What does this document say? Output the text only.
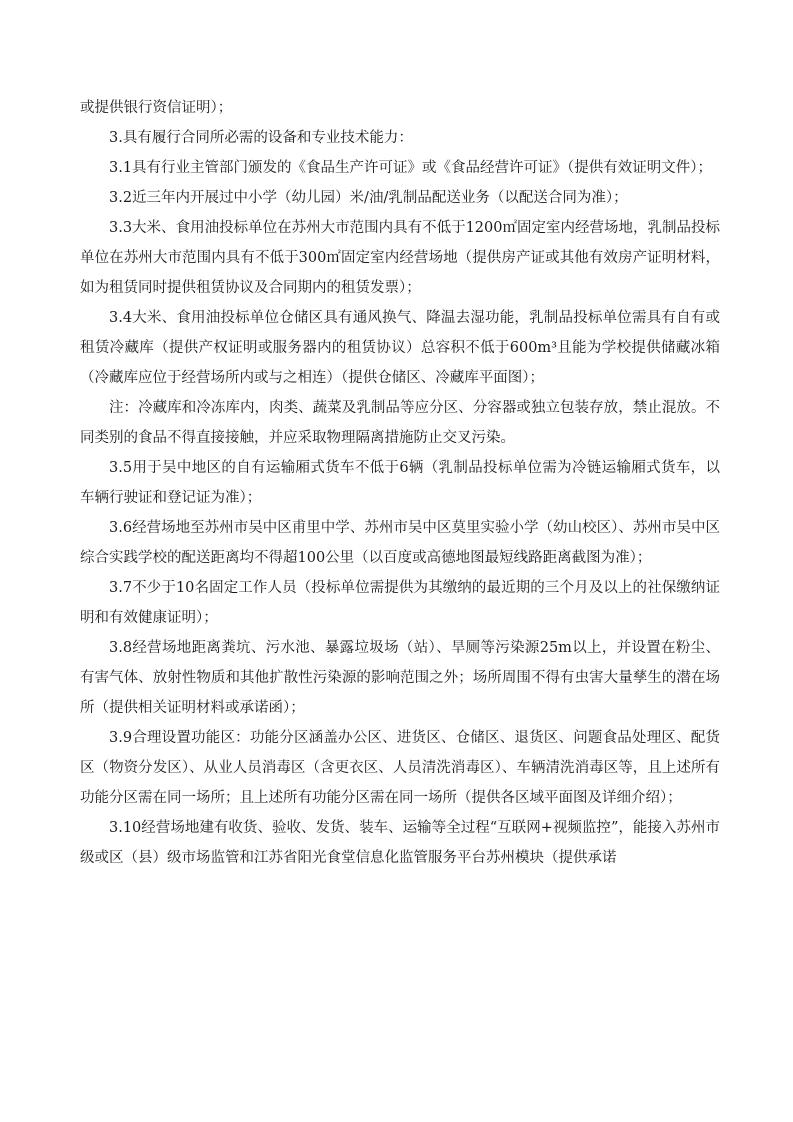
或提供银行资信证明）；

3.具有履行合同所必需的设备和专业技术能力：

3.1具有行业主管部门颁发的《食品生产许可证》或《食品经营许可证》（提供有效证明文件）；

3.2近三年内开展过中小学（幼儿园）米/油/乳制品配送业务（以配送合同为准）；

3.3大米、食用油投标单位在苏州大市范围内具有不低于1200㎡固定室内经营场地，乳制品投标单位在苏州大市范围内具有不低于300㎡固定室内经营场地（提供房产证或其他有效房产证明材料，如为租赁同时提供租赁协议及合同期内的租赁发票）；

3.4大米、食用油投标单位仓储区具有通风换气、降温去湿功能，乳制品投标单位需具有自有或租赁冷藏库（提供产权证明或服务器内的租赁协议）总容积不低于600m³且能为学校提供储藏冰箱（冷藏库应位于经营场所内或与之相连）（提供仓储区、冷藏库平面图）；

注：冷藏库和冷冻库内，肉类、蔬菜及乳制品等应分区、分容器或独立包装存放，禁止混放。不同类别的食品不得直接接触，并应采取物理隔离措施防止交叉污染。

3.5用于吴中地区的自有运输厢式货车不低于6辆（乳制品投标单位需为冷链运输厢式货车，以车辆行驶证和登记证为准）；

3.6经营场地至苏州市吴中区甫里中学、苏州市吴中区莫里实验小学（幼山校区）、苏州市吴中区综合实践学校的配送距离均不得超100公里（以百度或高德地图最短线路距离截图为准）；

3.7不少于10名固定工作人员（投标单位需提供为其缴纳的最近期的三个月及以上的社保缴纳证明和有效健康证明）；

3.8经营场地距离粪坑、污水池、暴露垃圾场（站）、旱厕等污染源25m以上，并设置在粉尘、有害气体、放射性物质和其他扩散性污染源的影响范围之外；场所周围不得有虫害大量孳生的潜在场所（提供相关证明材料或承诺函）；

3.9合理设置功能区：功能分区涵盖办公区、进货区、仓储区、退货区、问题食品处理区、配货区（物资分发区）、从业人员消毒区（含更衣区、人员清洗消毒区）、车辆清洗消毒区等，且上述所有功能分区需在同一场所；且上述所有功能分区需在同一场所（提供各区域平面图及详细介绍）；

3.10经营场地建有收货、验收、发货、装车、运输等全过程“互联网+视频监控”，能接入苏州市级或区（县）级市场监管和江苏省阳光食堂信息化监管服务平台苏州模块（提供承诺
